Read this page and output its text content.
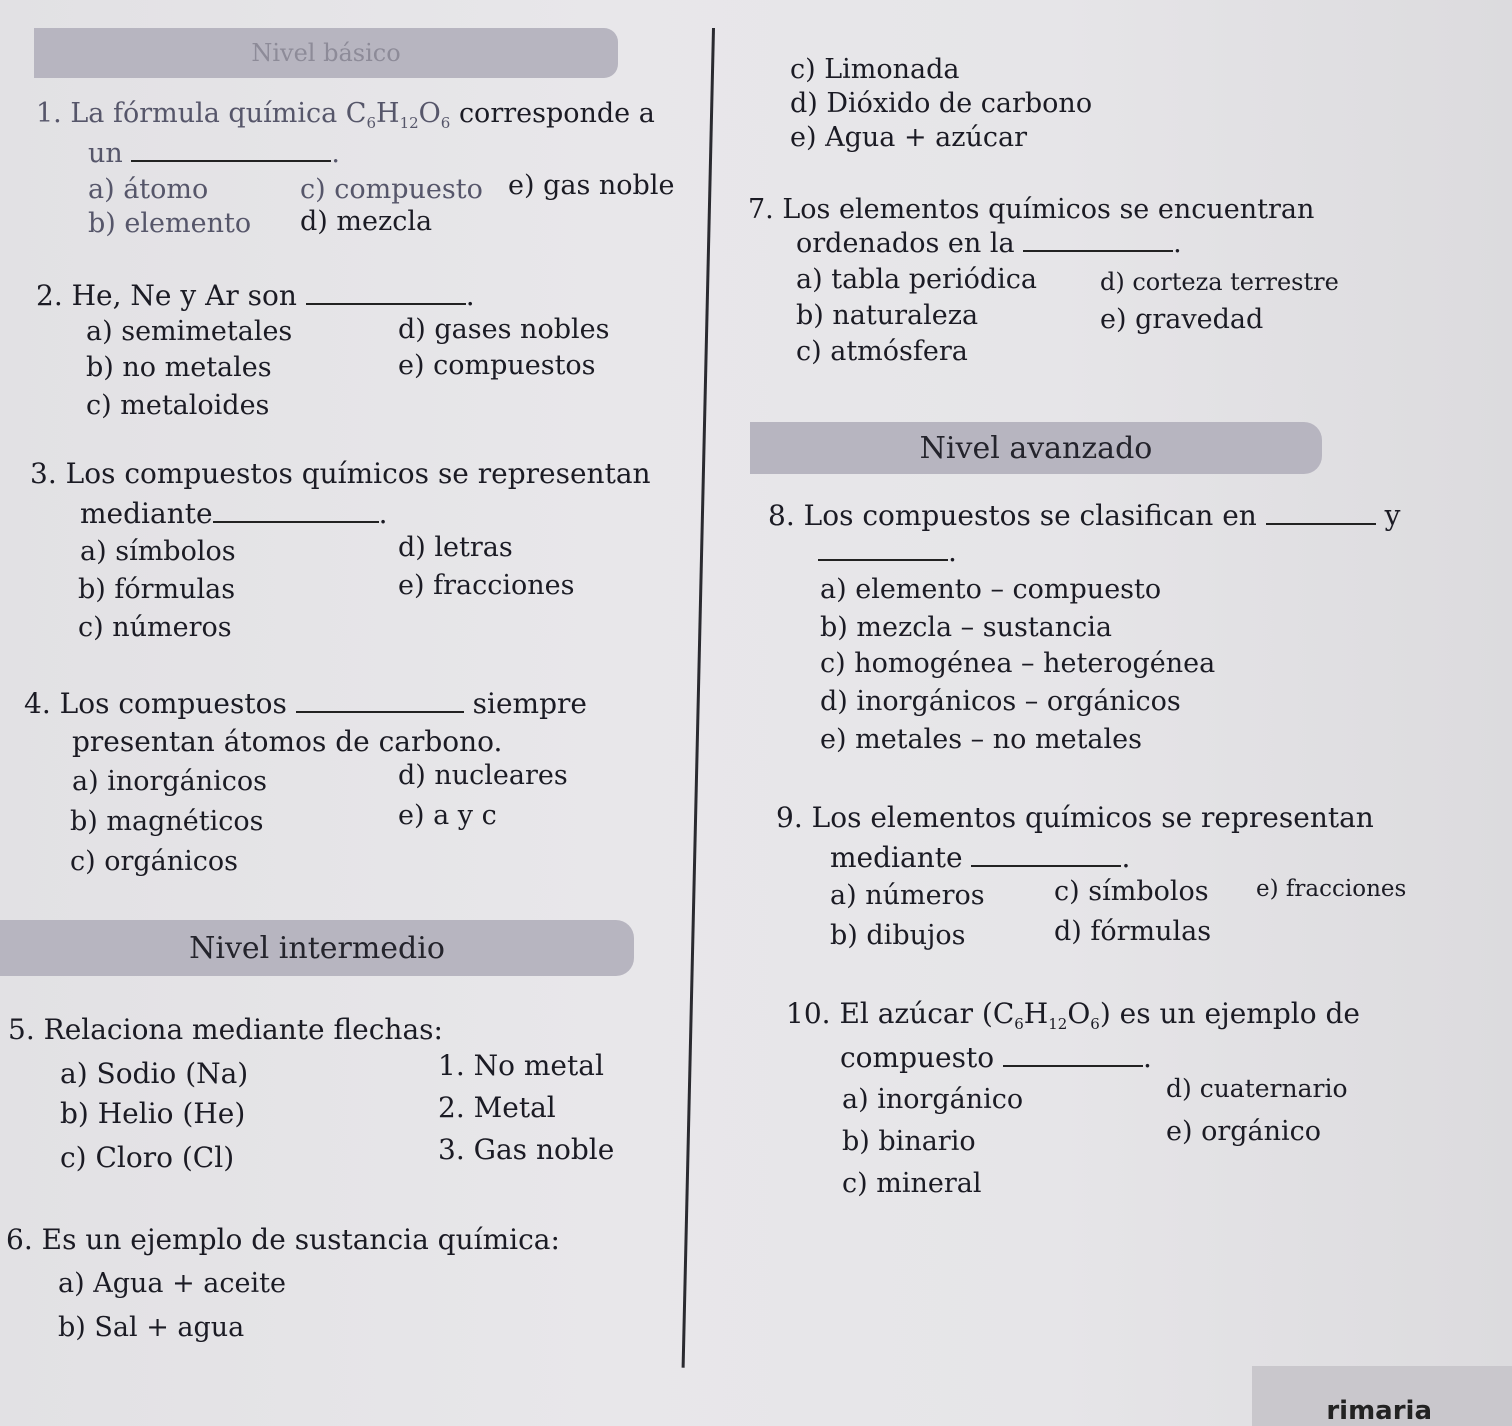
Nivel básico
Nivel avanzado
Nivel intermedio
1. La fórmula química $C_6H_{12}O_6$ corresponde a
un	.
a) átomo	c) compuesto e) gas noble
b) elemento d) mezcla
2. He, Ne y Ar son	.
a) semimetales	d) gases nobles
b) no metales	e) compuestos
c) metaloides
3. Los compuestos químicos se representan
mediante	.
a) símbolos	d) letras
b) fórmulas	e) fracciones
c) números
4. Los compuestos	siempre
presentan átomos de carbono.
a) inorgánicos	d) nucleares
b) magnéticos	e) a y c
c) orgánicos
5. Relaciona mediante flechas:
a) Sodio (Na)
b) Helio (He)
c) Cloro (Cl)
1. No metal
2. Metal
3. Gas noble
6. Es un ejemplo de sustancia química:
a) Agua + aceite
b) Sal + agua
c) Limonada
d) Dióxido de carbono
e) Agua + azúcar
7. Los elementos químicos se encuentran
ordenados en la	.
a) tabla periódica	d) corteza terrestre
b) naturaleza	e) gravedad
c) atmósfera
8. Los compuestos se clasifican en	y
.
a) elemento – compuesto
b) mezcla – sustancia
c) homogénea – heterogénea
d) inorgánicos – orgánicos
e) metales – no metales
9. Los elementos químicos se representan
mediante	.
a) números	c) símbolos e) fracciones
b) dibujos	d) fórmulas
10. El azúcar $(C_6H_{12}O_6)$ es un ejemplo de
compuesto	.
a) inorgánico	d) cuaternario
b) binario	e) orgánico
c) mineral
rimaria
